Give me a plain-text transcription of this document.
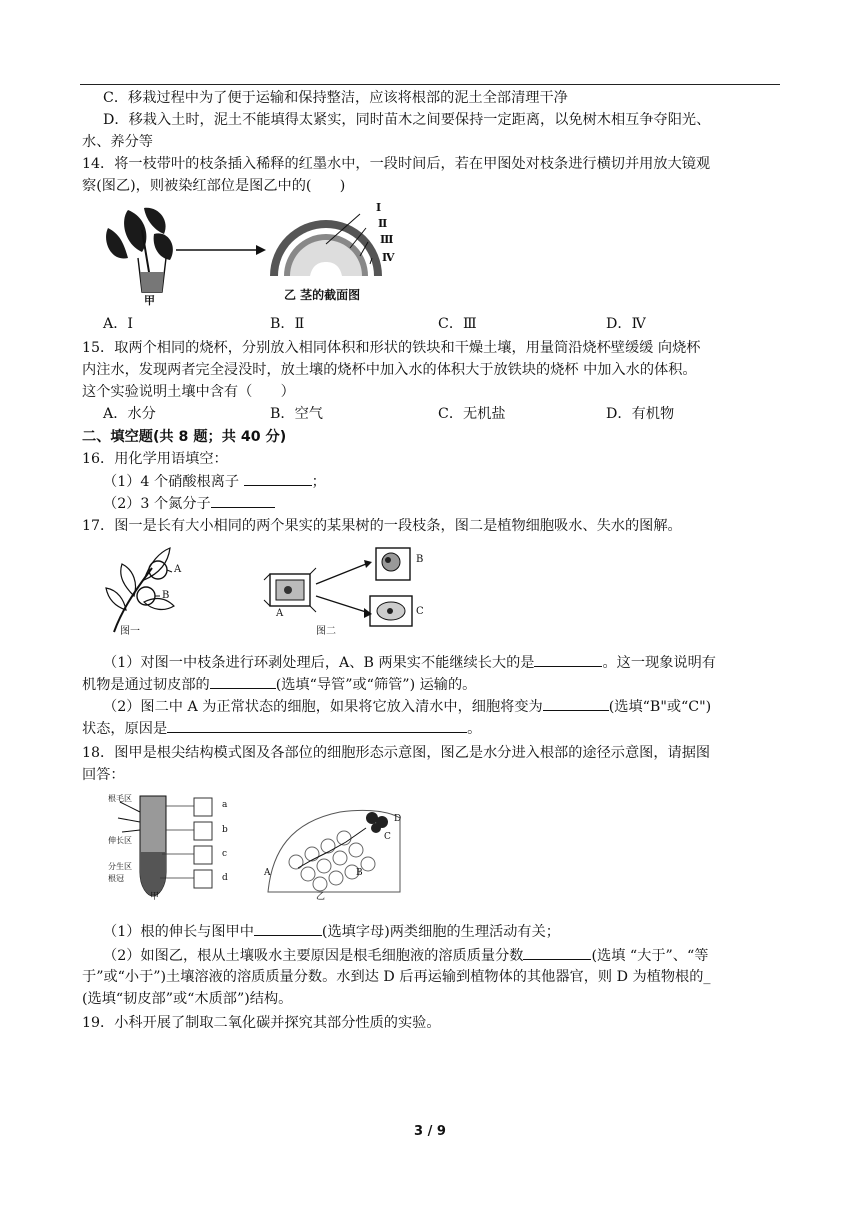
C．移栽过程中为了便于运输和保持整洁，应该将根部的泥土全部清理干净
D．移栽入土时，泥土不能填得太紧实，同时苗木之间要保持一定距离，以免树木相互争夺阳光、
水、养分等
14．将一枝带叶的枝条插入稀释的红墨水中，一段时间后，若在甲图处对枝条进行横切并用放大镜观
察(图乙)，则被染红部位是图乙中的(　　)
Ⅰ
Ⅱ
Ⅲ
Ⅳ
甲	乙 茎的截面图
A．Ⅰ	B．Ⅱ	C．Ⅲ	D．Ⅳ
15．取两个相同的烧杯，分别放入相同体积和形状的铁块和干燥土壤，用量筒沿烧杯壁缓缓 向烧杯
内注水，发现两者完全浸没时，放土壤的烧杯中加入水的体积大于放铁块的烧杯 中加入水的体积。
这个实验说明土壤中含有（　　）
A．水分	B．空气	C．无机盐	D．有机物
二、填空题(共 8 题；共 40 分)
16．用化学用语填空：
（1）4 个硝酸根离子	；
（2）3 个氮分子
17．图一是长有大小相同的两个果实的某果树的一段枝条，图二是植物细胞吸水、失水的图解。
A
B
A
B
C
图一	图二
（1）对图一中枝条进行环剥处理后，A、B 两果实不能继续长大的是	。这一现象说明有
机物是通过韧皮部的	(选填“导管”或“筛管”) 运输的。
（2）图二中 A 为正常状态的细胞，如果将它放入清水中，细胞将变为	(选填“B"或“C")
状态，原因是	。
18．图甲是根尖结构模式图及各部位的细胞形态示意图，图乙是水分进入根部的途径示意图，请据图
回答：
根毛区
伸长区
分生区
根冠
a
b
c
d
甲
A	B
C
D
乙
（1）根的伸长与图甲中	(选填字母)两类细胞的生理活动有关；
（2）如图乙，根从土壤吸水主要原因是根毛细胞液的溶质质量分数	(选填 “大于”、“等
于”或“小于”)土壤溶液的溶质质量分数。水到达 D 后再运输到植物体的其他器官，则 D 为植物根的_
(选填“韧皮部”或“木质部”)结构。
19．小科开展了制取二氧化碳并探究其部分性质的实验。
3 / 9
